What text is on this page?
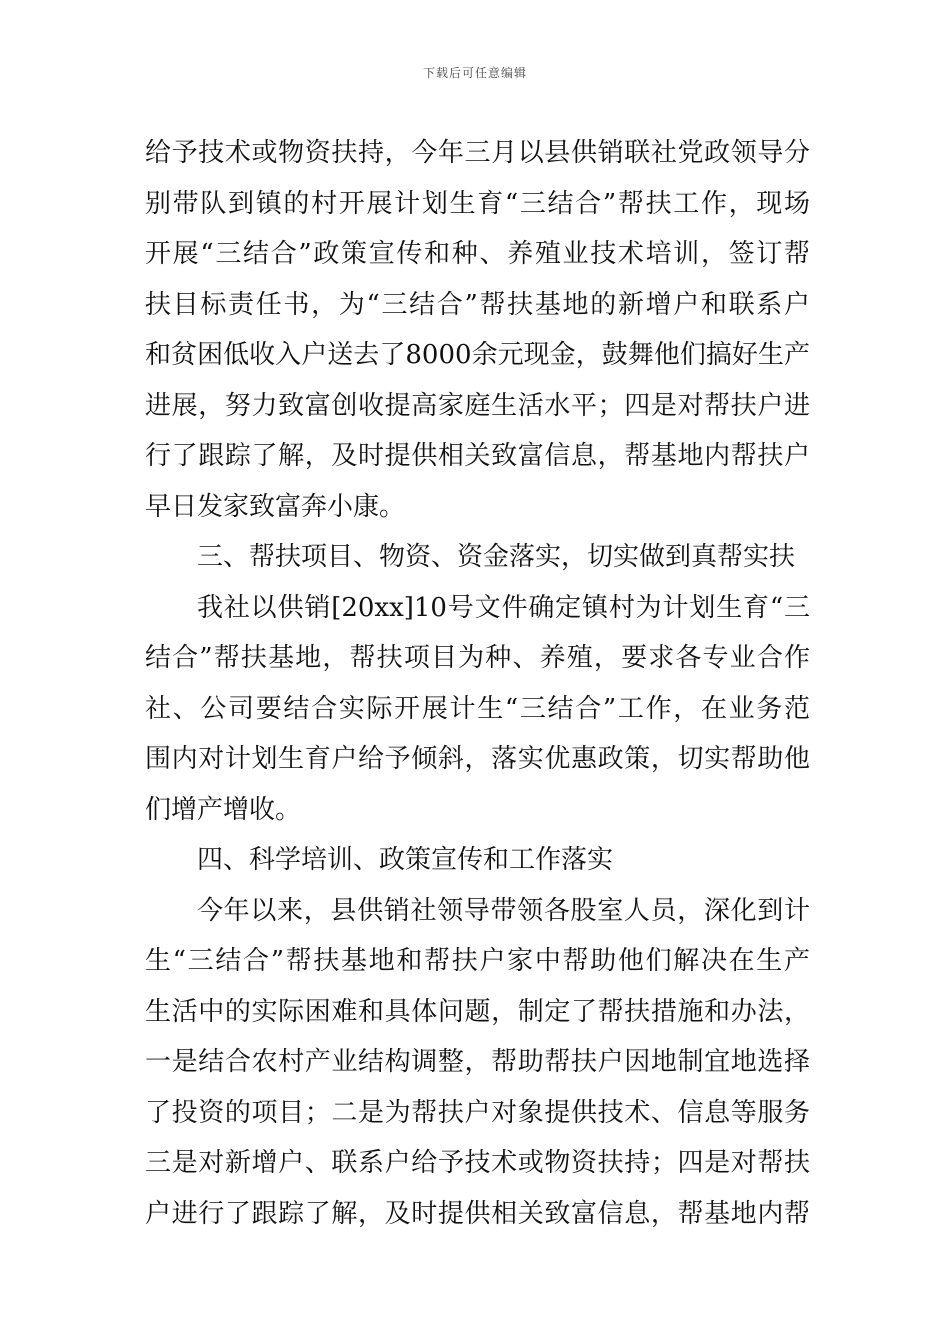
下载后可任意编辑
给予技术或物资扶持，今年三月以县供销联社党政领导分
别带队到镇的村开展计划生育“三结合”帮扶工作，现场
开展“三结合”政策宣传和种、养殖业技术培训，签订帮
扶目标责任书，为“三结合”帮扶基地的新增户和联系户
和贫困低收入户送去了8000余元现金，鼓舞他们搞好生产
进展，努力致富创收提高家庭生活水平；四是对帮扶户进
行了跟踪了解，及时提供相关致富信息，帮基地内帮扶户
早日发家致富奔小康。
三、帮扶项目、物资、资金落实，切实做到真帮实扶
我社以供销[20xx]10号文件确定镇村为计划生育“三
结合”帮扶基地，帮扶项目为种、养殖，要求各专业合作
社、公司要结合实际开展计生“三结合”工作，在业务范
围内对计划生育户给予倾斜，落实优惠政策，切实帮助他
们增产增收。
四、科学培训、政策宣传和工作落实
今年以来，县供销社领导带领各股室人员，深化到计
生“三结合”帮扶基地和帮扶户家中帮助他们解决在生产
生活中的实际困难和具体问题，制定了帮扶措施和办法，
一是结合农村产业结构调整，帮助帮扶户因地制宜地选择
了投资的项目；二是为帮扶户对象提供技术、信息等服务
三是对新增户、联系户给予技术或物资扶持；四是对帮扶
户进行了跟踪了解，及时提供相关致富信息，帮基地内帮
